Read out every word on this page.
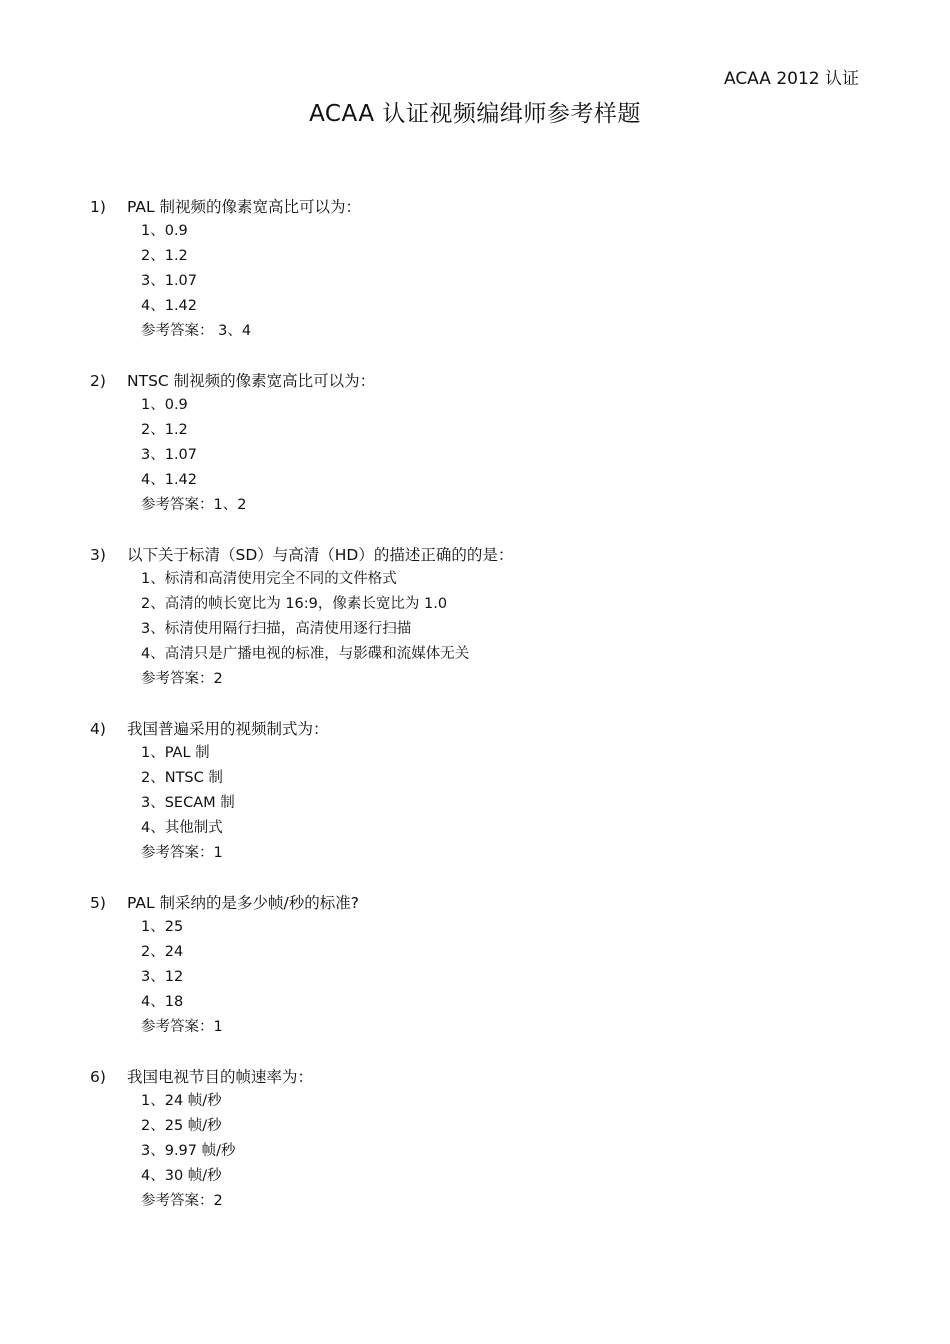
ACAA 2012 认证
ACAA 认证视频编缉师参考样题
1) PAL 制视频的像素宽高比可以为：
1、0.9
2、1.2
3、1.07
4、1.42
参考答案： 3、4
2) NTSC 制视频的像素宽高比可以为：
1、0.9
2、1.2
3、1.07
4、1.42
参考答案：1、2
3) 以下关于标清（SD）与高清（HD）的描述正确的的是：
1、标清和高清使用完全不同的文件格式
2、高清的帧长宽比为 16:9，像素长宽比为 1.0
3、标清使用隔行扫描，高清使用逐行扫描
4、高清只是广播电视的标准，与影碟和流媒体无关
参考答案：2
4) 我国普遍采用的视频制式为：
1、PAL 制
2、NTSC 制
3、SECAM 制
4、其他制式
参考答案：1
5) PAL 制采纳的是多少帧/秒的标准?
1、25
2、24
3、12
4、18
参考答案：1
6) 我国电视节目的帧速率为：
1、24 帧/秒
2、25 帧/秒
3、9.97 帧/秒
4、30 帧/秒
参考答案：2
